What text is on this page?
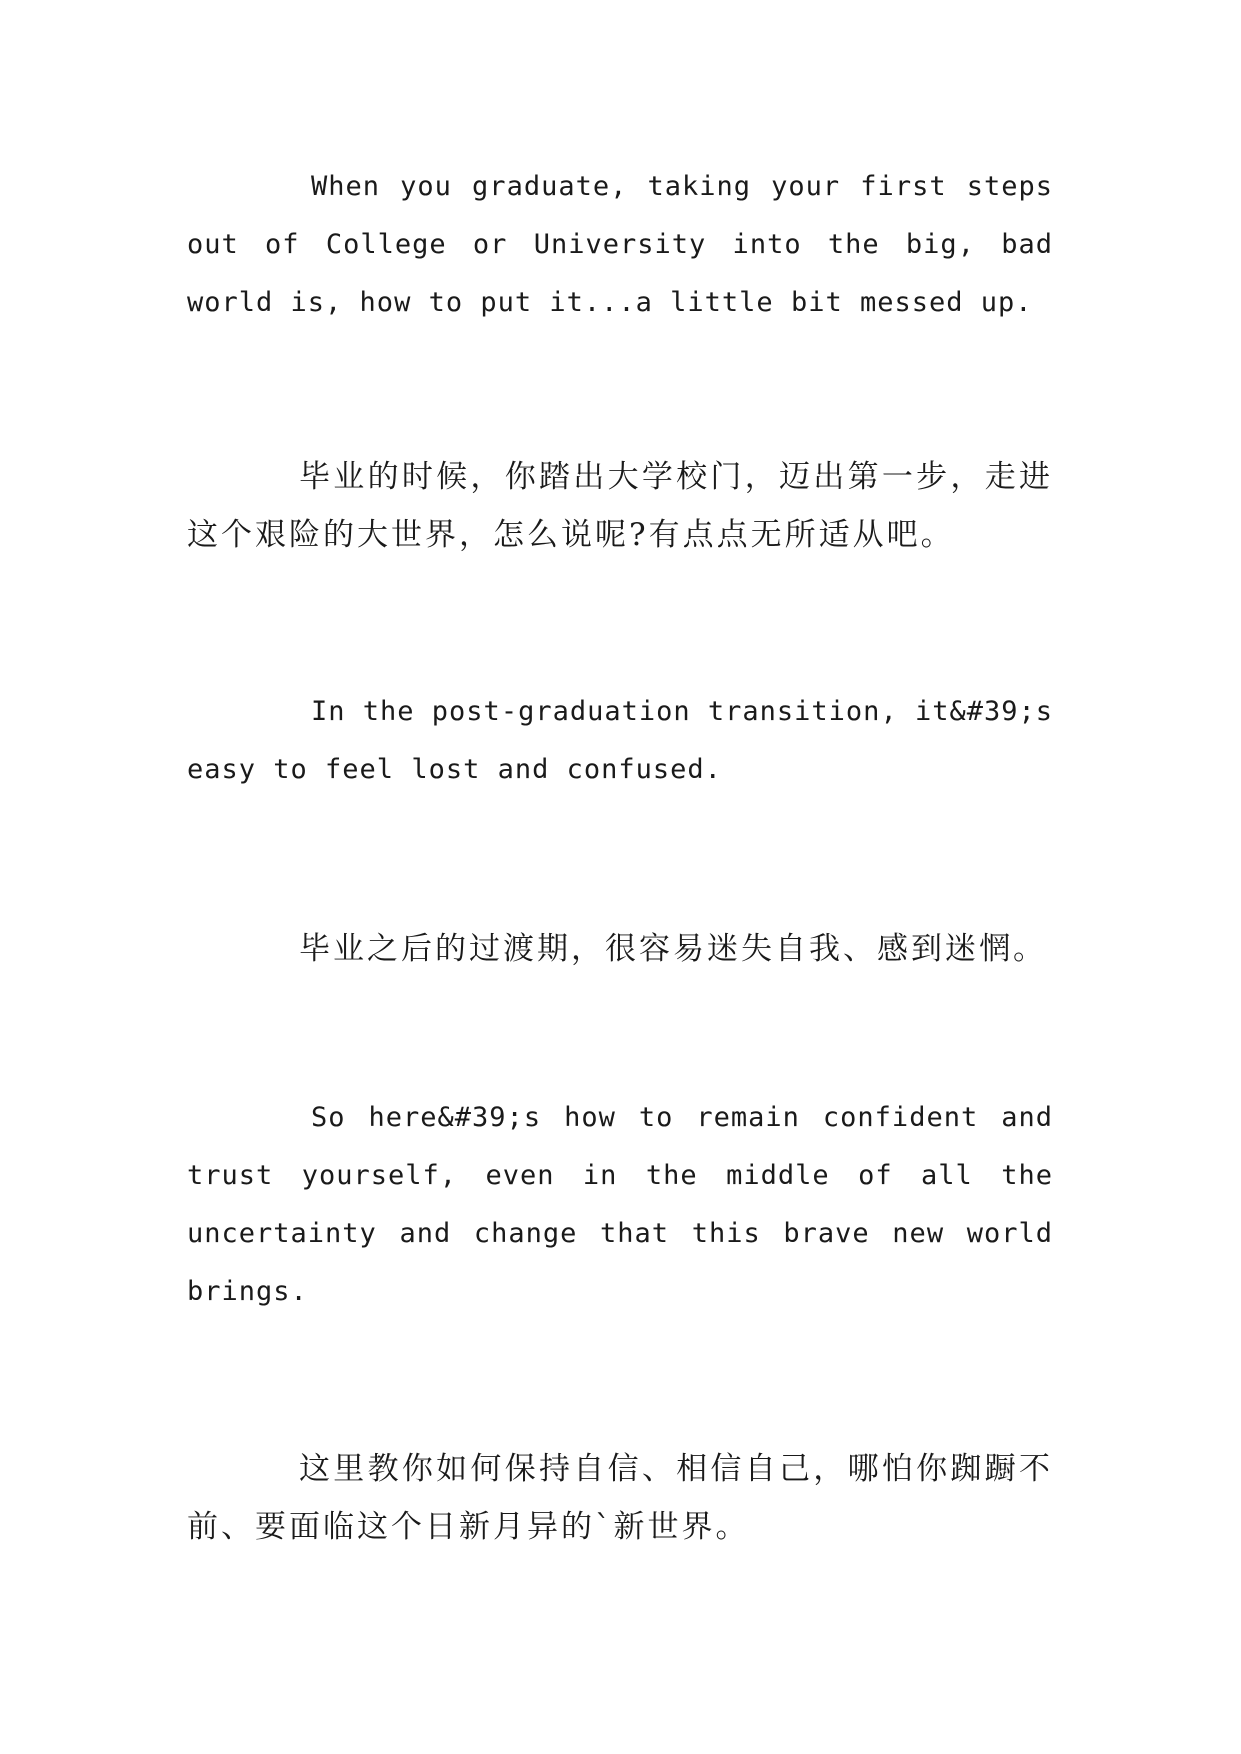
When you graduate, taking your first steps out of College or University into the big, bad world is, how to put it...a little bit messed up.

毕业的时候，你踏出大学校门，迈出第一步，走进这个艰险的大世界，怎么说呢?有点点无所适从吧。

In the post-graduation transition, it&#39;s easy to feel lost and confused.

毕业之后的过渡期，很容易迷失自我、感到迷惘。

So here&#39;s how to remain confident and trust yourself, even in the middle of all the uncertainty and change that this brave new world brings.

这里教你如何保持自信、相信自己，哪怕你踟蹰不前、要面临这个日新月异的`新世界。
